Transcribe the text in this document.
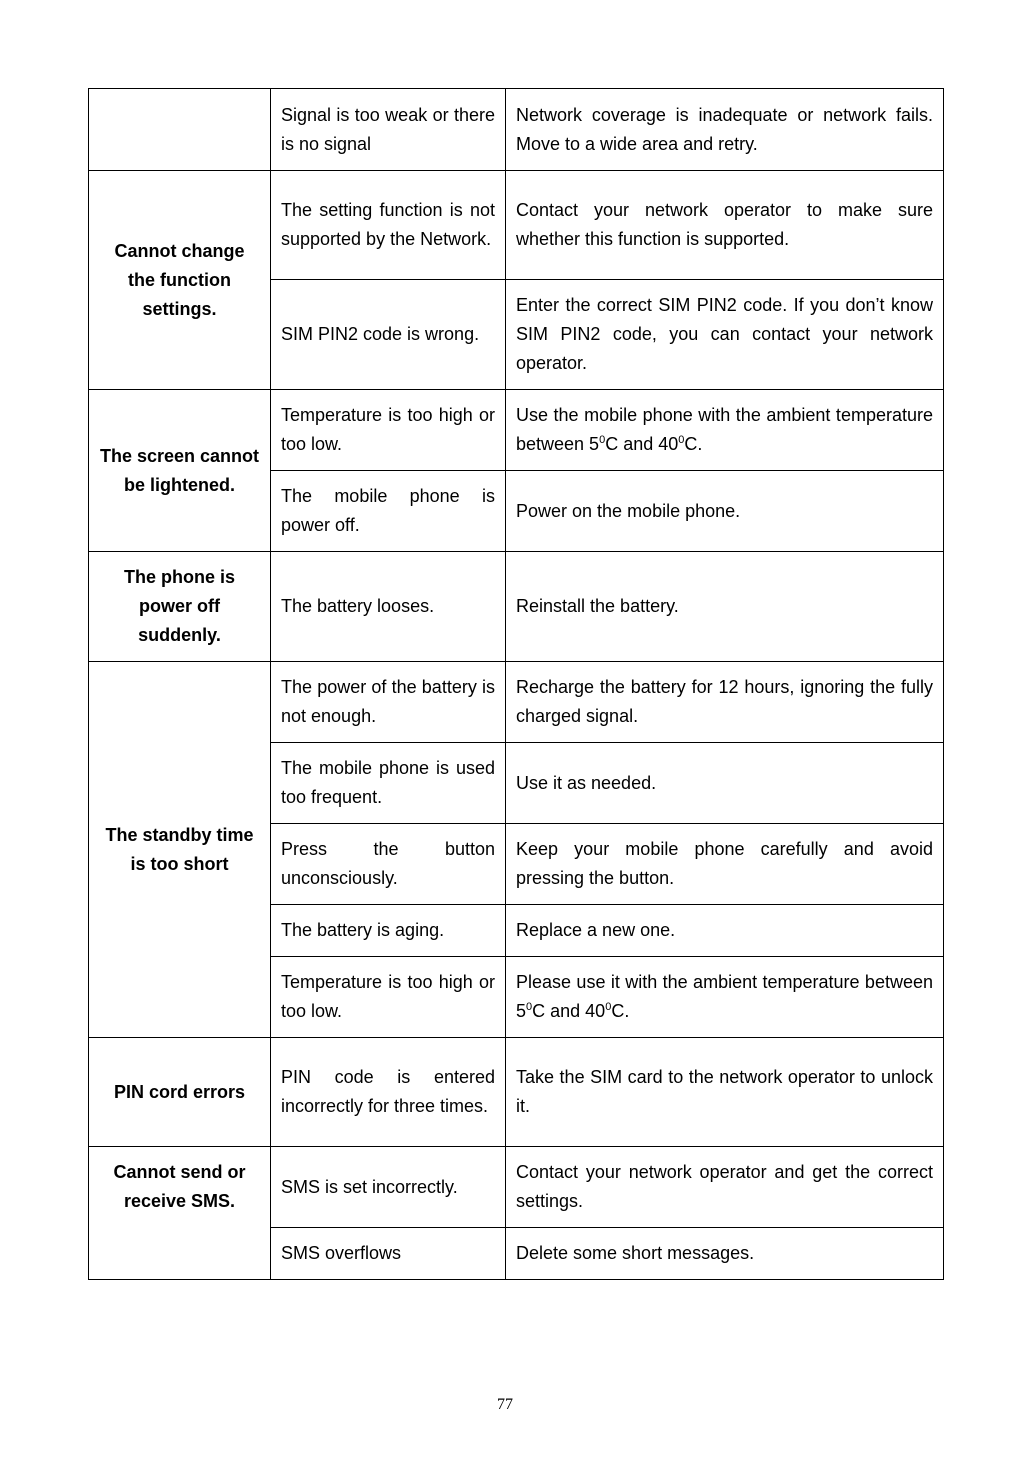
	Signal is too weak or there is no signal	Network coverage is inadequate or network fails. Move to a wide area and retry.
Cannot change the function settings.	The setting function is not supported by the Network.	Contact your network operator to make sure whether this function is supported.
	SIM PIN2 code is wrong.	Enter the correct SIM PIN2 code. If you don’t know SIM PIN2 code, you can contact your network operator.
The screen cannot be lightened.	Temperature is too high or too low.	Use the mobile phone with the ambient temperature between $5^0C$ and $40^0C$.
	The mobile phone is power off.	Power on the mobile phone.
The phone is power off suddenly.	The battery looses.	Reinstall the battery.
The standby time is too short	The power of the battery is not enough.	Recharge the battery for 12 hours, ignoring the fully charged signal.
	The mobile phone is used too frequent.	Use it as needed.
	Press the button unconsciously.	Keep your mobile phone carefully and avoid pressing the button.
	The battery is aging.	Replace a new one.
	Temperature is too high or too low.	Please use it with the ambient temperature between $5^0C$ and $40^0C$.
PIN cord errors	PIN code is entered incorrectly for three times.	Take the SIM card to the network operator to unlock it.
Cannot send or receive SMS.	SMS is set incorrectly.	Contact your network operator and get the correct settings.
	SMS overflows	Delete some short messages.
77
